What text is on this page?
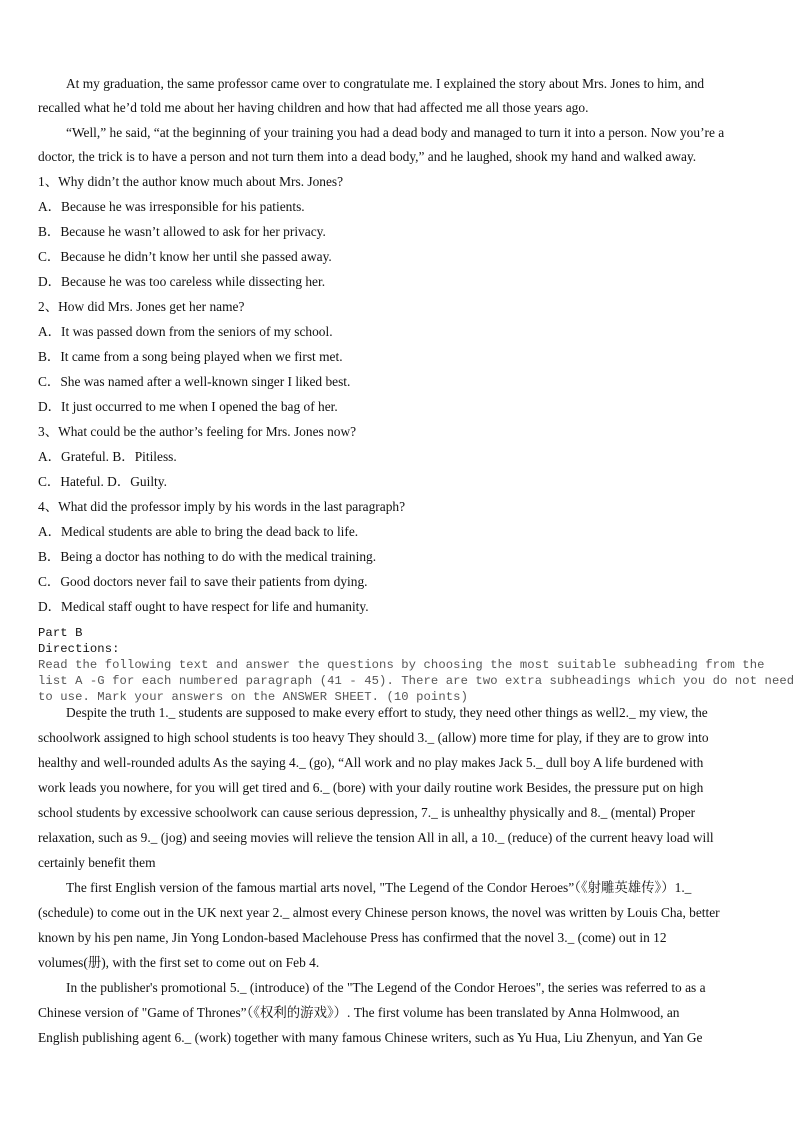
At my graduation, the same professor came over to congratulate me. I explained the story about Mrs. Jones to him, and
recalled what he’d told me about her having children and how that had affected me all those years ago.
“Well,” he said, “at the beginning of your training you had a dead body and managed to turn it into a person. Now you’re a
doctor, the trick is to have a person and not turn them into a dead body,” and he laughed, shook my hand and walked away.
1、Why didn’t the author know much about Mrs. Jones?
A．Because he was irresponsible for his patients.
B．Because he wasn’t allowed to ask for her privacy.
C．Because he didn’t know her until she passed away.
D．Because he was too careless while dissecting her.
2、How did Mrs. Jones get her name?
A．It was passed down from the seniors of my school.
B．It came from a song being played when we first met.
C．She was named after a well-known singer I liked best.
D．It just occurred to me when I opened the bag of her.
3、What could be the author’s feeling for Mrs. Jones now?
A．Grateful. B．Pitiless.
C．Hateful. D．Guilty.
4、What did the professor imply by his words in the last paragraph?
A．Medical students are able to bring the dead back to life.
B．Being a doctor has nothing to do with the medical training.
C．Good doctors never fail to save their patients from dying.
D．Medical staff ought to have respect for life and humanity.
Part B
Directions:
Read the following text and answer the questions by choosing the most suitable subheading from the
list A -G for each numbered paragraph (41 - 45). There are two extra subheadings which you do not need
to use. Mark your answers on the ANSWER SHEET. (10 points)
Despite the truth 1._ students are supposed to make every effort to study, they need other things as well2._ my view, the
schoolwork assigned to high school students is too heavy They should 3._ (allow) more time for play, if they are to grow into
healthy and well-rounded adults As the saying 4._ (go), “All work and no play makes Jack 5._ dull boy A life burdened with
work leads you nowhere, for you will get tired and 6._ (bore) with your daily routine work Besides, the pressure put on high
school students by excessive schoolwork can cause serious depression, 7._ is unhealthy physically and 8._ (mental) Proper
relaxation, such as 9._ (jog) and seeing movies will relieve the tension All in all, a 10._ (reduce) of the current heavy load will
certainly benefit them
The first English version of the famous martial arts novel, "The Legend of the Condor Heroes”（《射雕英雄传》）1._
(schedule) to come out in the UK next year 2._ almost every Chinese person knows, the novel was written by Louis Cha, better
known by his pen name, Jin Yong London-based Maclehouse Press has confirmed that the novel 3._ (come) out in 12
volumes(册), with the first set to come out on Feb 4.
In the publisher's promotional 5._ (introduce) of the "The Legend of the Condor Heroes", the series was referred to as a
Chinese version of "Game of Thrones”（《权利的游戏》）. The first volume has been translated by Anna Holmwood, an
English publishing agent 6._ (work) together with many famous Chinese writers, such as Yu Hua, Liu Zhenyun, and Yan Ge
